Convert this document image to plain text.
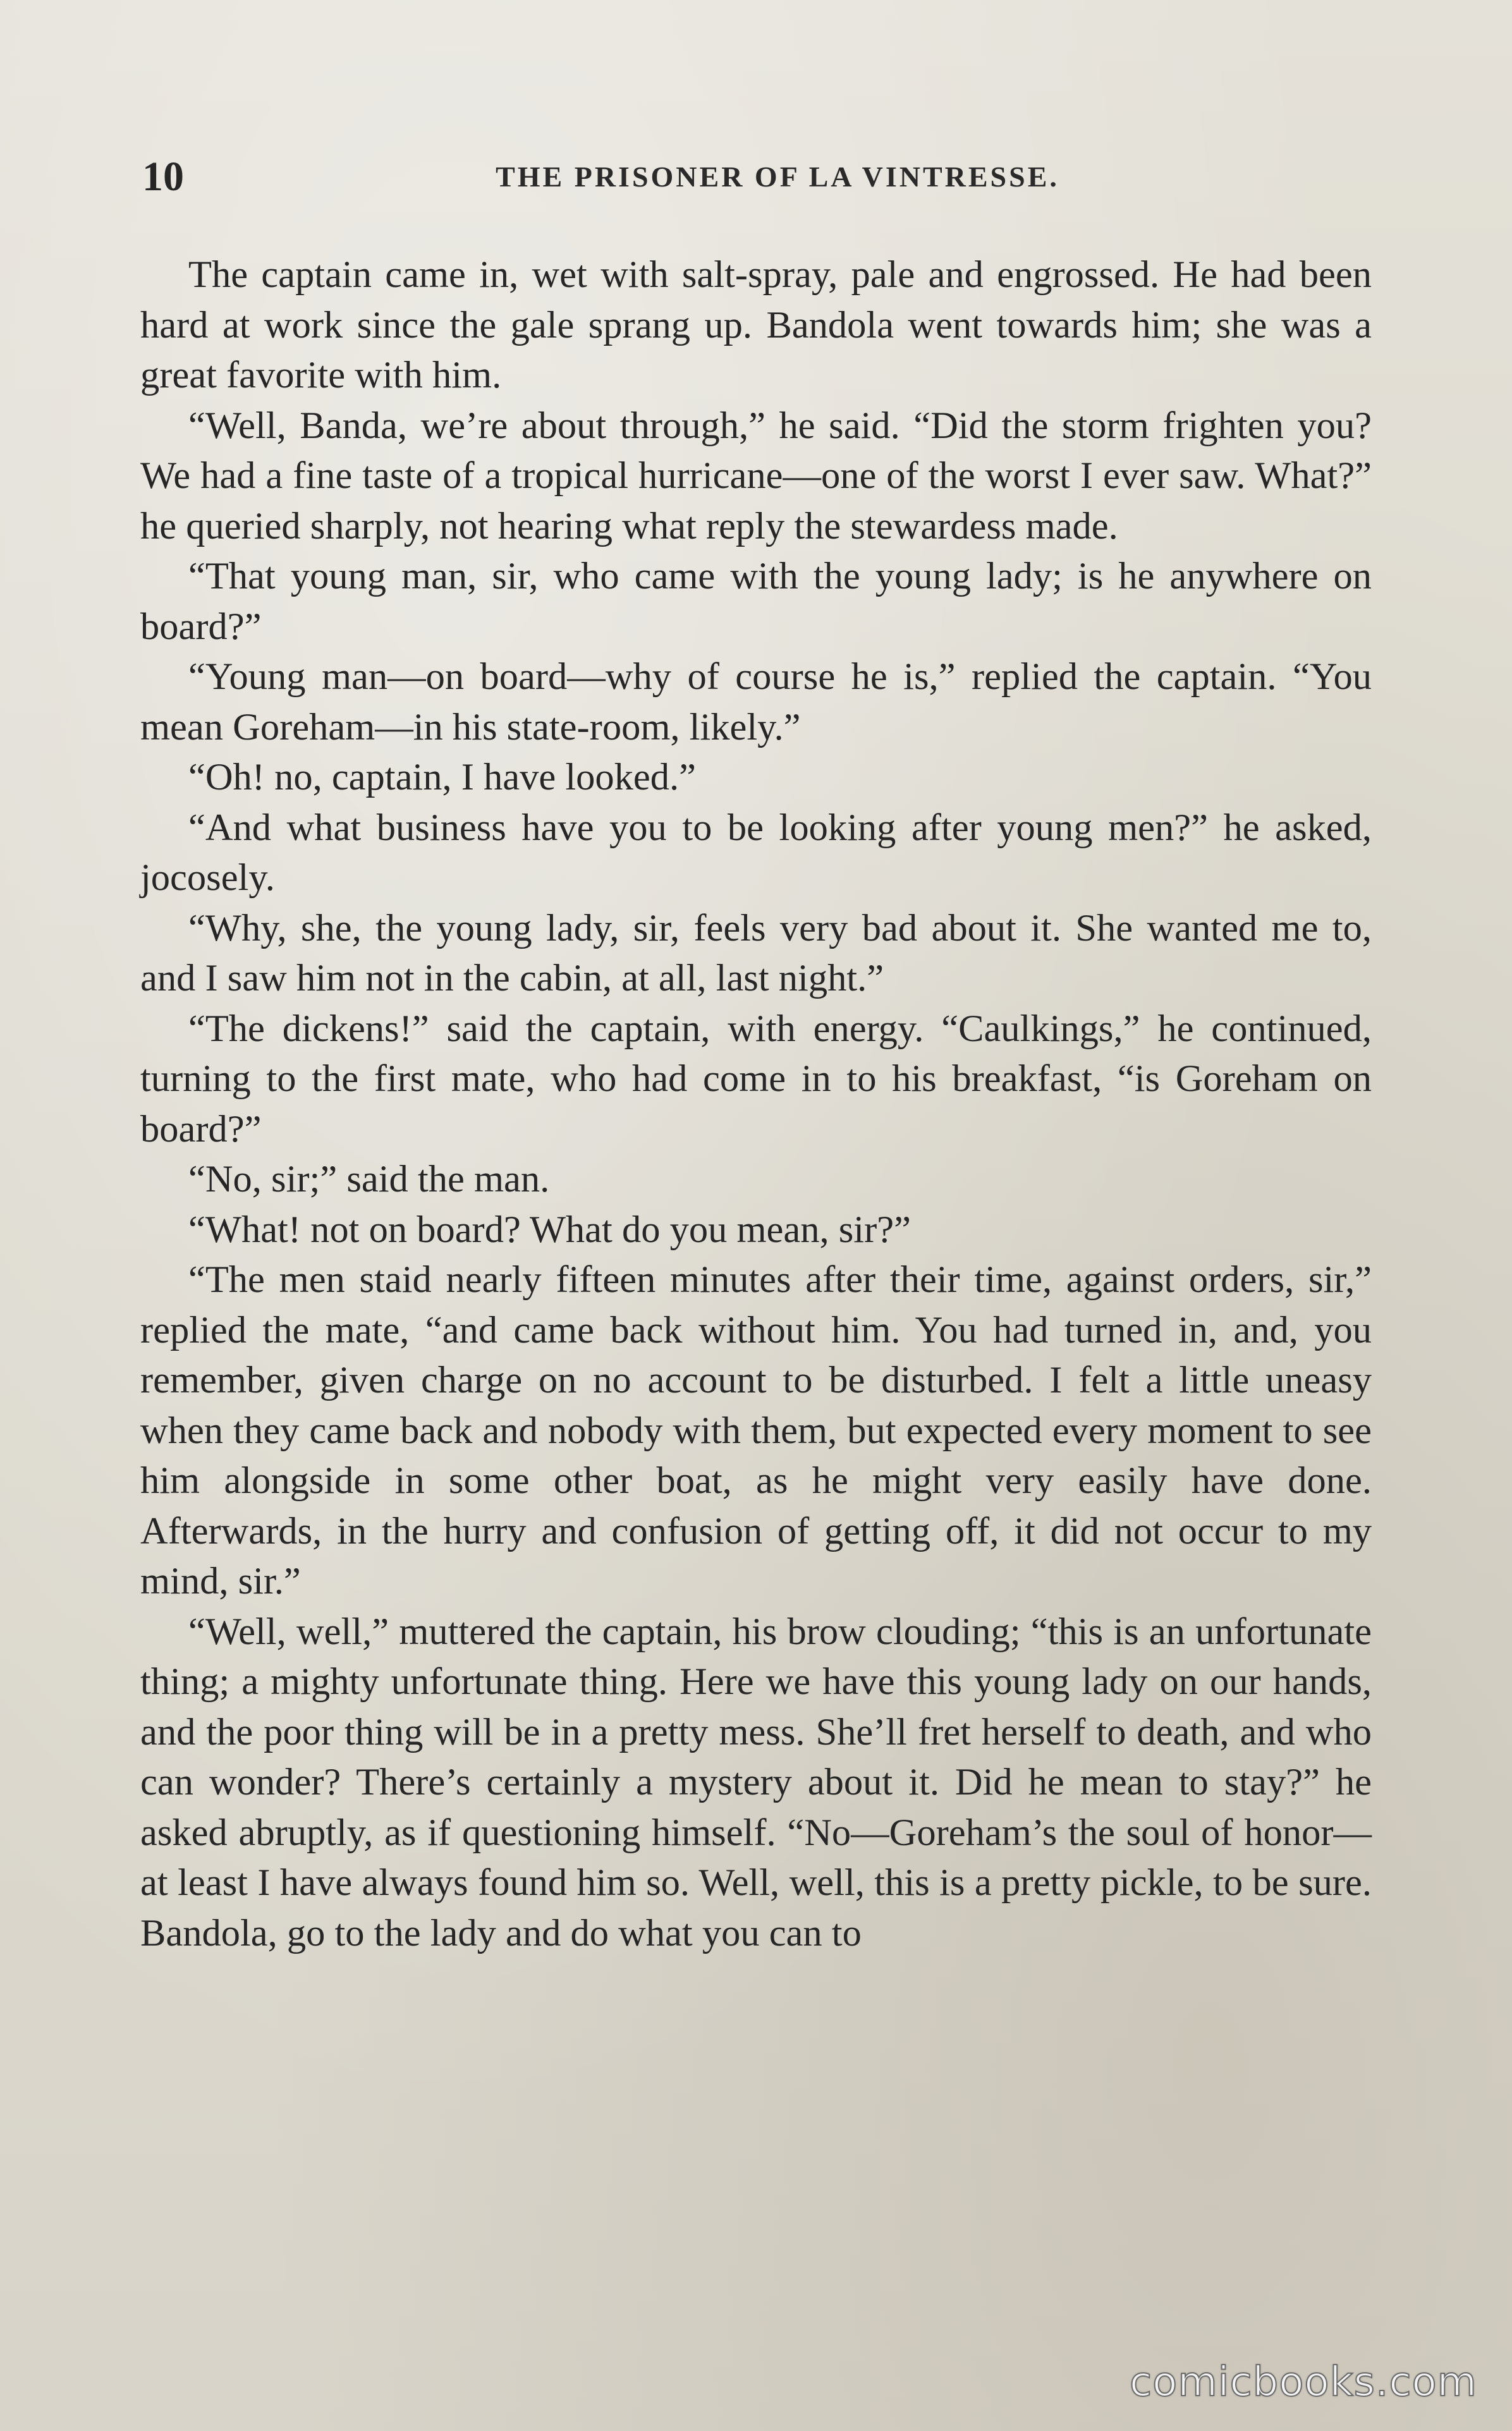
10	THE PRISONER OF LA VINTRESSE.

The captain came in, wet with salt-spray, pale and engrossed. He had been hard at work since the gale sprang up. Bandola went towards him; she was a great favorite with him.

“Well, Banda, we’re about through,” he said. “Did the storm frighten you? We had a fine taste of a tropical hurricane—one of the worst I ever saw. What?” he queried sharply, not hearing what reply the stewardess made.

“That young man, sir, who came with the young lady; is he anywhere on board?”

“Young man—on board—why of course he is,” replied the captain. “You mean Goreham—in his state-room, likely.”

“Oh! no, captain, I have looked.”

“And what business have you to be looking after young men?” he asked, jocosely.

“Why, she, the young lady, sir, feels very bad about it. She wanted me to, and I saw him not in the cabin, at all, last night.”

“The dickens!” said the captain, with energy. “Caulkings,” he continued, turning to the first mate, who had come in to his breakfast, “is Goreham on board?”

“No, sir;” said the man.

“What! not on board? What do you mean, sir?”

“The men staid nearly fifteen minutes after their time, against orders, sir,” replied the mate, “and came back without him. You had turned in, and, you remember, given charge on no account to be disturbed. I felt a little uneasy when they came back and nobody with them, but expected every moment to see him alongside in some other boat, as he might very easily have done. Afterwards, in the hurry and confusion of getting off, it did not occur to my mind, sir.”

“Well, well,” muttered the captain, his brow clouding; “this is an unfortunate thing; a mighty unfortunate thing. Here we have this young lady on our hands, and the poor thing will be in a pretty mess. She’ll fret herself to death, and who can wonder? There’s certainly a mystery about it. Did he mean to stay?” he asked abruptly, as if questioning himself. “No—Goreham’s the soul of honor—at least I have always found him so. Well, well, this is a pretty pickle, to be sure. Bandola, go to the lady and do what you can to

comicbooks.com
